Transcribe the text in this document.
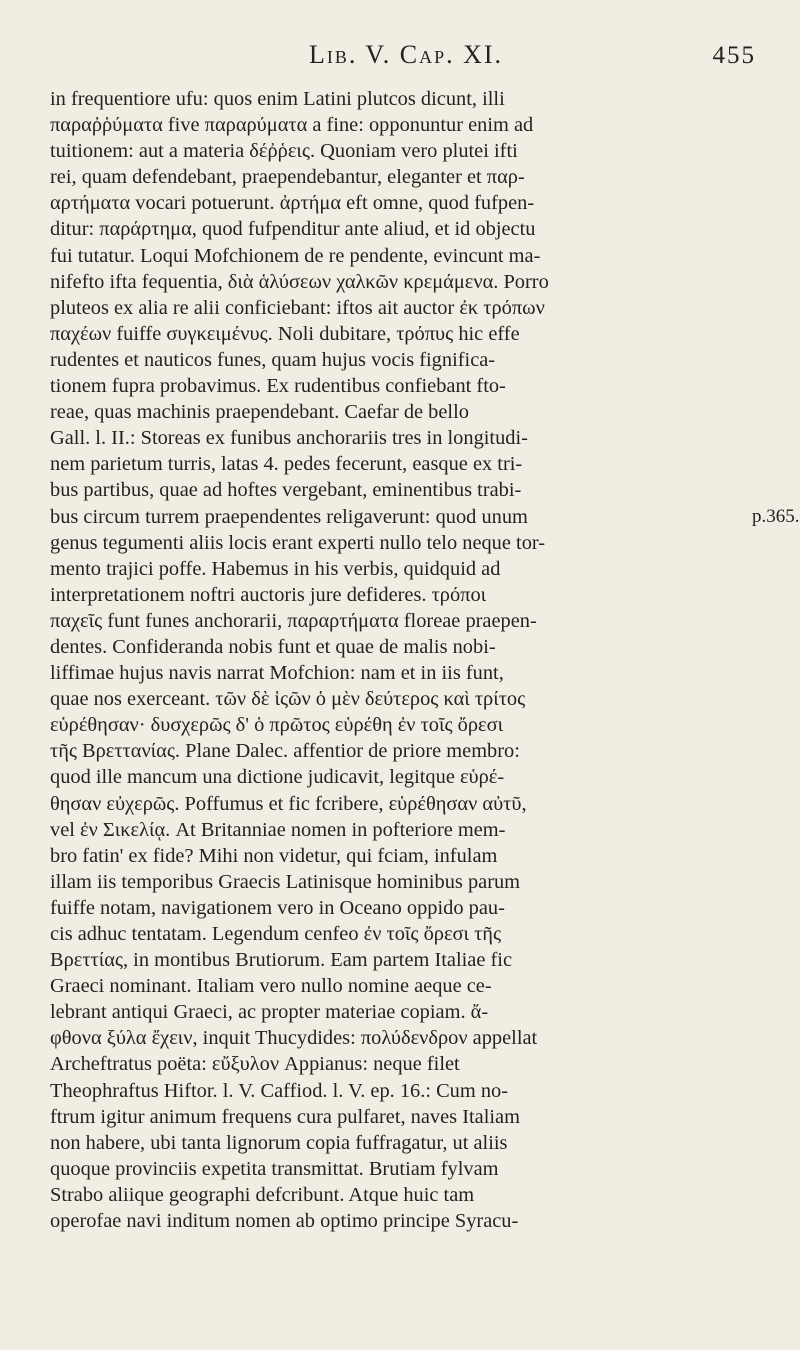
Lib. V. Cap. XI.	455
in frequentiore ufu: quos enim Latini plutcos dicunt, illi
παραῤῥύματα five παραρύματα a fine: opponuntur enim ad
tuitionem: aut a materia δέῤῥεις. Quoniam vero plutei ifti
rei, quam defendebant, praependebantur, eleganter et παρ-
αρτήματα vocari potuerunt. ἀρτήμα eft omne, quod fufpen-
ditur: παράρτημα, quod fufpenditur ante aliud, et id objectu
fui tutatur. Loqui Mofchionem de re pendente, evincunt ma-
nifefto ifta fequentia, διὰ ἁλύσεων χαλκῶν κρεμάμενα. Porro
pluteos ex alia re alii conficiebant: iftos ait auctor ἐκ τρόπων
παχέων fuiffe συγκειμένυς. Noli dubitare, τρόπυς hic effe
rudentes et nauticos funes, quam hujus vocis fignifica-
tionem fupra probavimus. Ex rudentibus confiebant fto-
reae, quas machinis praependebant. Caefar de bello
Gall. l. II.: Storeas ex funibus anchorariis tres in longitudi-
nem parietum turris, latas 4. pedes fecerunt, easque ex tri-
bus partibus, quae ad hoftes vergebant, eminentibus trabi-
bus circum turrem praependentes religaverunt: quod unum	p.365.
genus tegumenti aliis locis erant experti nullo telo neque tor-
mento trajici poffe. Habemus in his verbis, quidquid ad
interpretationem noftri auctoris jure defideres. τρόποι
παχεῖς funt funes anchorarii, παραρτήματα floreae praepen-
dentes. Confideranda nobis funt et quae de malis nobi-
liffimae hujus navis narrat Mofchion: nam et in iis funt,
quae nos exerceant. τῶν δὲ ἱςῶν ὁ μὲν δεύτερος καὶ τρίτος
εὑρέθησαν· δυσχερῶς δ' ὁ πρῶτος εὑρέθη ἐν τοῖς ὄρεσι
τῆς Βρεττανίας. Plane Dalec. affentior de priore membro:
quod ille mancum una dictione judicavit, legitque εὑρέ-
θησαν εὐχερῶς. Poffumus et fic fcribere, εὑρέθησαν αὐτῦ,
vel ἐν Σικελίᾳ. At Britanniae nomen in pofteriore mem-
bro fatin' ex fide? Mihi non videtur, qui fciam, infulam
illam iis temporibus Graecis Latinisque hominibus parum
fuiffe notam, navigationem vero in Oceano oppido pau-
cis adhuc tentatam. Legendum cenfeo ἐν τοῖς ὄρεσι τῆς
Βρεττίας, in montibus Brutiorum. Eam partem Italiae fic
Graeci nominant. Italiam vero nullo nomine aeque ce-
lebrant antiqui Graeci, ac propter materiae copiam. ἄ-
φθονα ξύλα ἔχειν, inquit Thucydides: πολύδενδρον appellat
Archeftratus poëta: εὔξυλον Appianus: neque filet
Theophraftus Hiftor. l. V. Caffiod. l. V. ep. 16.: Cum no-
ftrum igitur animum frequens cura pulfaret, naves Italiam
non habere, ubi tanta lignorum copia fuffragatur, ut aliis
quoque provinciis expetita transmittat. Brutiam fylvam
Strabo aliique geographi defcribunt. Atque huic tam
operofae navi inditum nomen ab optimo principe Syracu-
